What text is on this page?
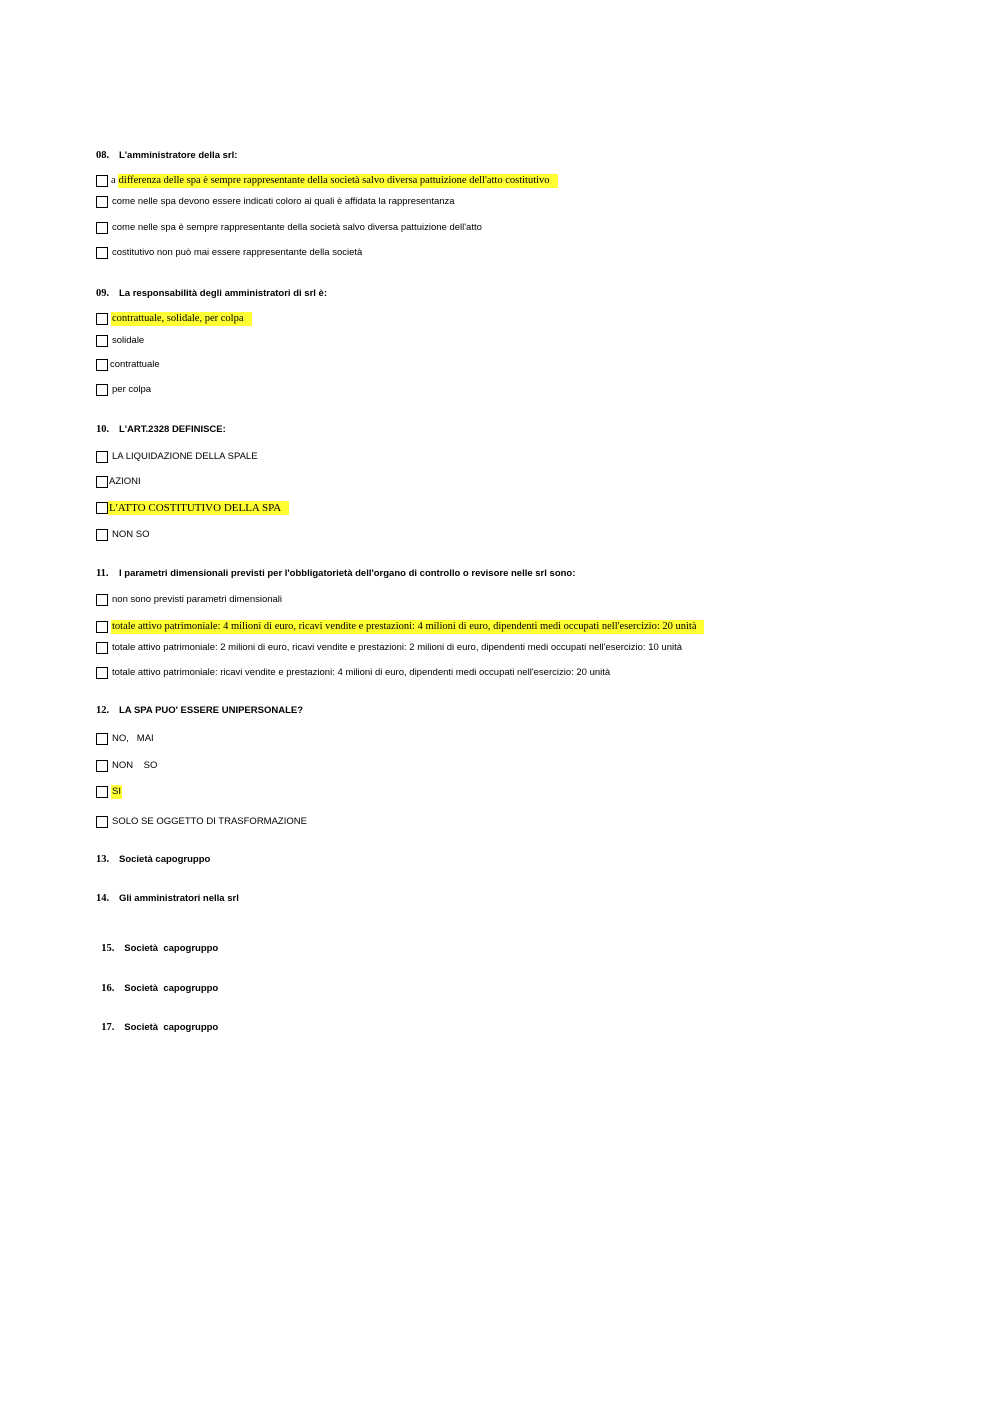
08. L'amministratore della srl:
a differenza delle spa è sempre rappresentante della società salvo diversa pattuizione dell'atto costitutivo
come nelle spa devono essere indicati coloro ai quali è affidata la rappresentanza
come nelle spa è sempre rappresentante della società salvo diversa pattuizione dell'atto
costitutivo non può mai essere rappresentante della società
09. La responsabilità degli amministratori di srl è:
contrattuale, solidale, per colpa
solidale
contrattuale
per colpa
10. L'ART.2328 DEFINISCE:
LA LIQUIDAZIONE DELLA SPALE
AZIONI
L'ATTO COSTITUTIVO DELLA SPA
NON SO
11. I parametri dimensionali previsti per l'obbligatorietà dell'organo di controllo o revisore nelle srl sono:
non sono previsti parametri dimensionali
totale attivo patrimoniale: 4 milioni di euro, ricavi vendite e prestazioni: 4 milioni di euro, dipendenti medi occupati nell'esercizio: 20 unità
totale attivo patrimoniale: 2 milioni di euro, ricavi vendite e prestazioni: 2 milioni di euro, dipendenti medi occupati nell'esercizio: 10 unità
totale attivo patrimoniale: ricavi vendite e prestazioni: 4 milioni di euro, dipendenti medi occupati nell'esercizio: 20 unità
12. LA SPA PUO' ESSERE UNIPERSONALE?
NO,   MAI
NON    SO
SI
SOLO SE OGGETTO DI TRASFORMAZIONE
13. Società capogruppo
14. Gli amministratori nella srl

15. Società  capogruppo

16. Società  capogruppo

17. Società  capogruppo
